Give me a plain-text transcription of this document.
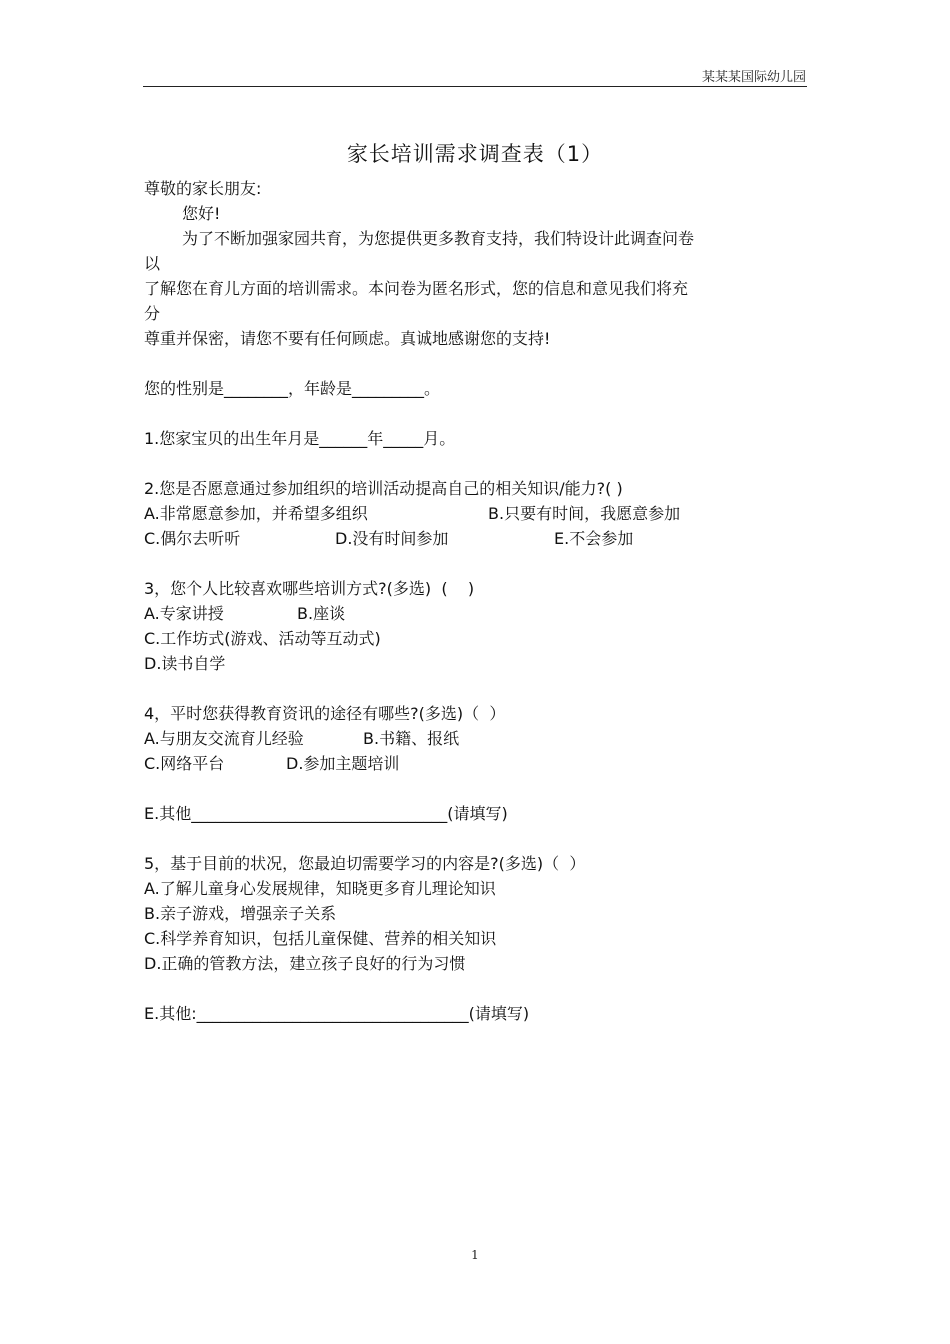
某某某国际幼儿园
家长培训需求调查表（1）

尊敬的家长朋友:

您好!

为了不断加强家园共育，为您提供更多教育支持，我们特设计此调查问卷

以

了解您在育儿方面的培训需求。本问卷为匿名形式，您的信息和意见我们将充

分

尊重并保密，请您不要有任何顾虑。真诚地感谢您的支持!

您的性别是________，年龄是_________。

1.您家宝贝的出生年月是______年_____月。

2.您是否愿意通过参加组织的培训活动提高自己的相关知识/能力?( )

A.非常愿意参加，并希望多组织	B.只要有时间，我愿意参加
C.偶尔去听听	D.没有时间参加	E.不会参加

3，您个人比较喜欢哪些培训方式?(多选)  (    )

A.专家讲授	B.座谈

C.工作坊式(游戏、活动等互动式)

D.读书自学

4，平时您获得教育资讯的途径有哪些?(多选)（  ）

A.与朋友交流育儿经验	B.书籍、报纸
C.网络平台	D.参加主题培训

E.其他________________________________(请填写)

5，基于目前的状况，您最迫切需要学习的内容是?(多选)（  ）

A.了解儿童身心发展规律，知晓更多育儿理论知识

B.亲子游戏，增强亲子关系

C.科学养育知识，包括儿童保健、营养的相关知识

D.正确的管教方法，建立孩子良好的行为习惯

E.其他:__________________________________(请填写)

1
